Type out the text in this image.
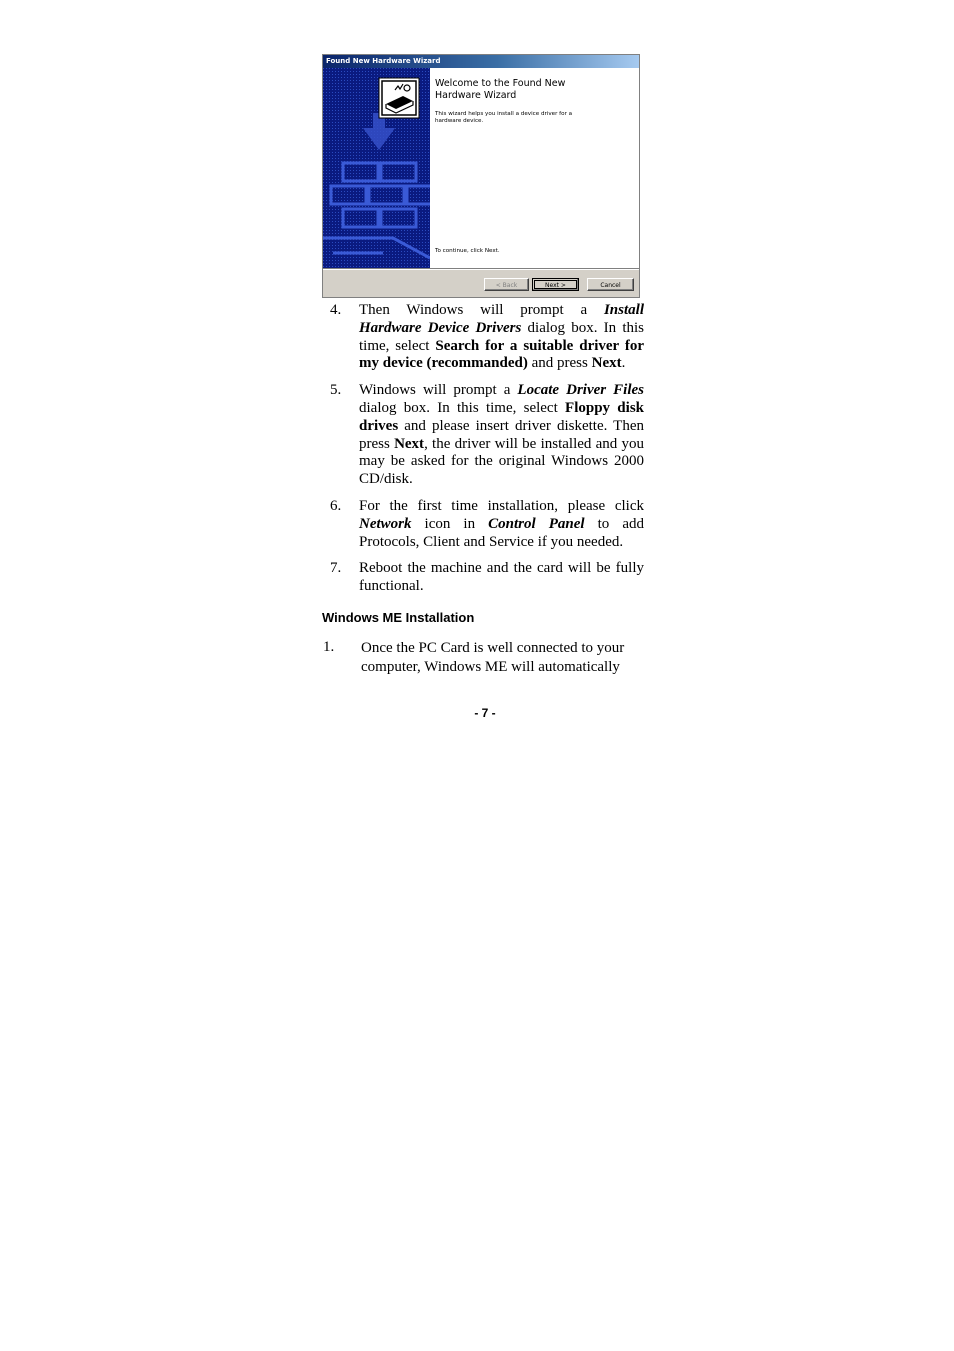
Found New Hardware Wizard
Welcome to the Found New
Hardware Wizard
This wizard helps you install a device driver for a
hardware device.
To continue, click Next.
< Back	Next >	Cancel
4. Then Windows will prompt a Install Hardware Device Drivers dialog box. In this time, select Search for a suitable driver for my device (recommanded) and press Next.
5. Windows will prompt a Locate Driver Files dialog box. In this time, select Floppy disk drives and please insert driver diskette. Then press Next, the driver will be installed and you may be asked for the original Windows 2000 CD/disk.
6. For the first time installation, please click Network icon in Control Panel to add Protocols, Client and Service if you needed.
7. Reboot the machine and the card will be fully functional.
Windows ME Installation
1. Once the PC Card is well connected to your
computer, Windows ME will automatically
- 7 -
